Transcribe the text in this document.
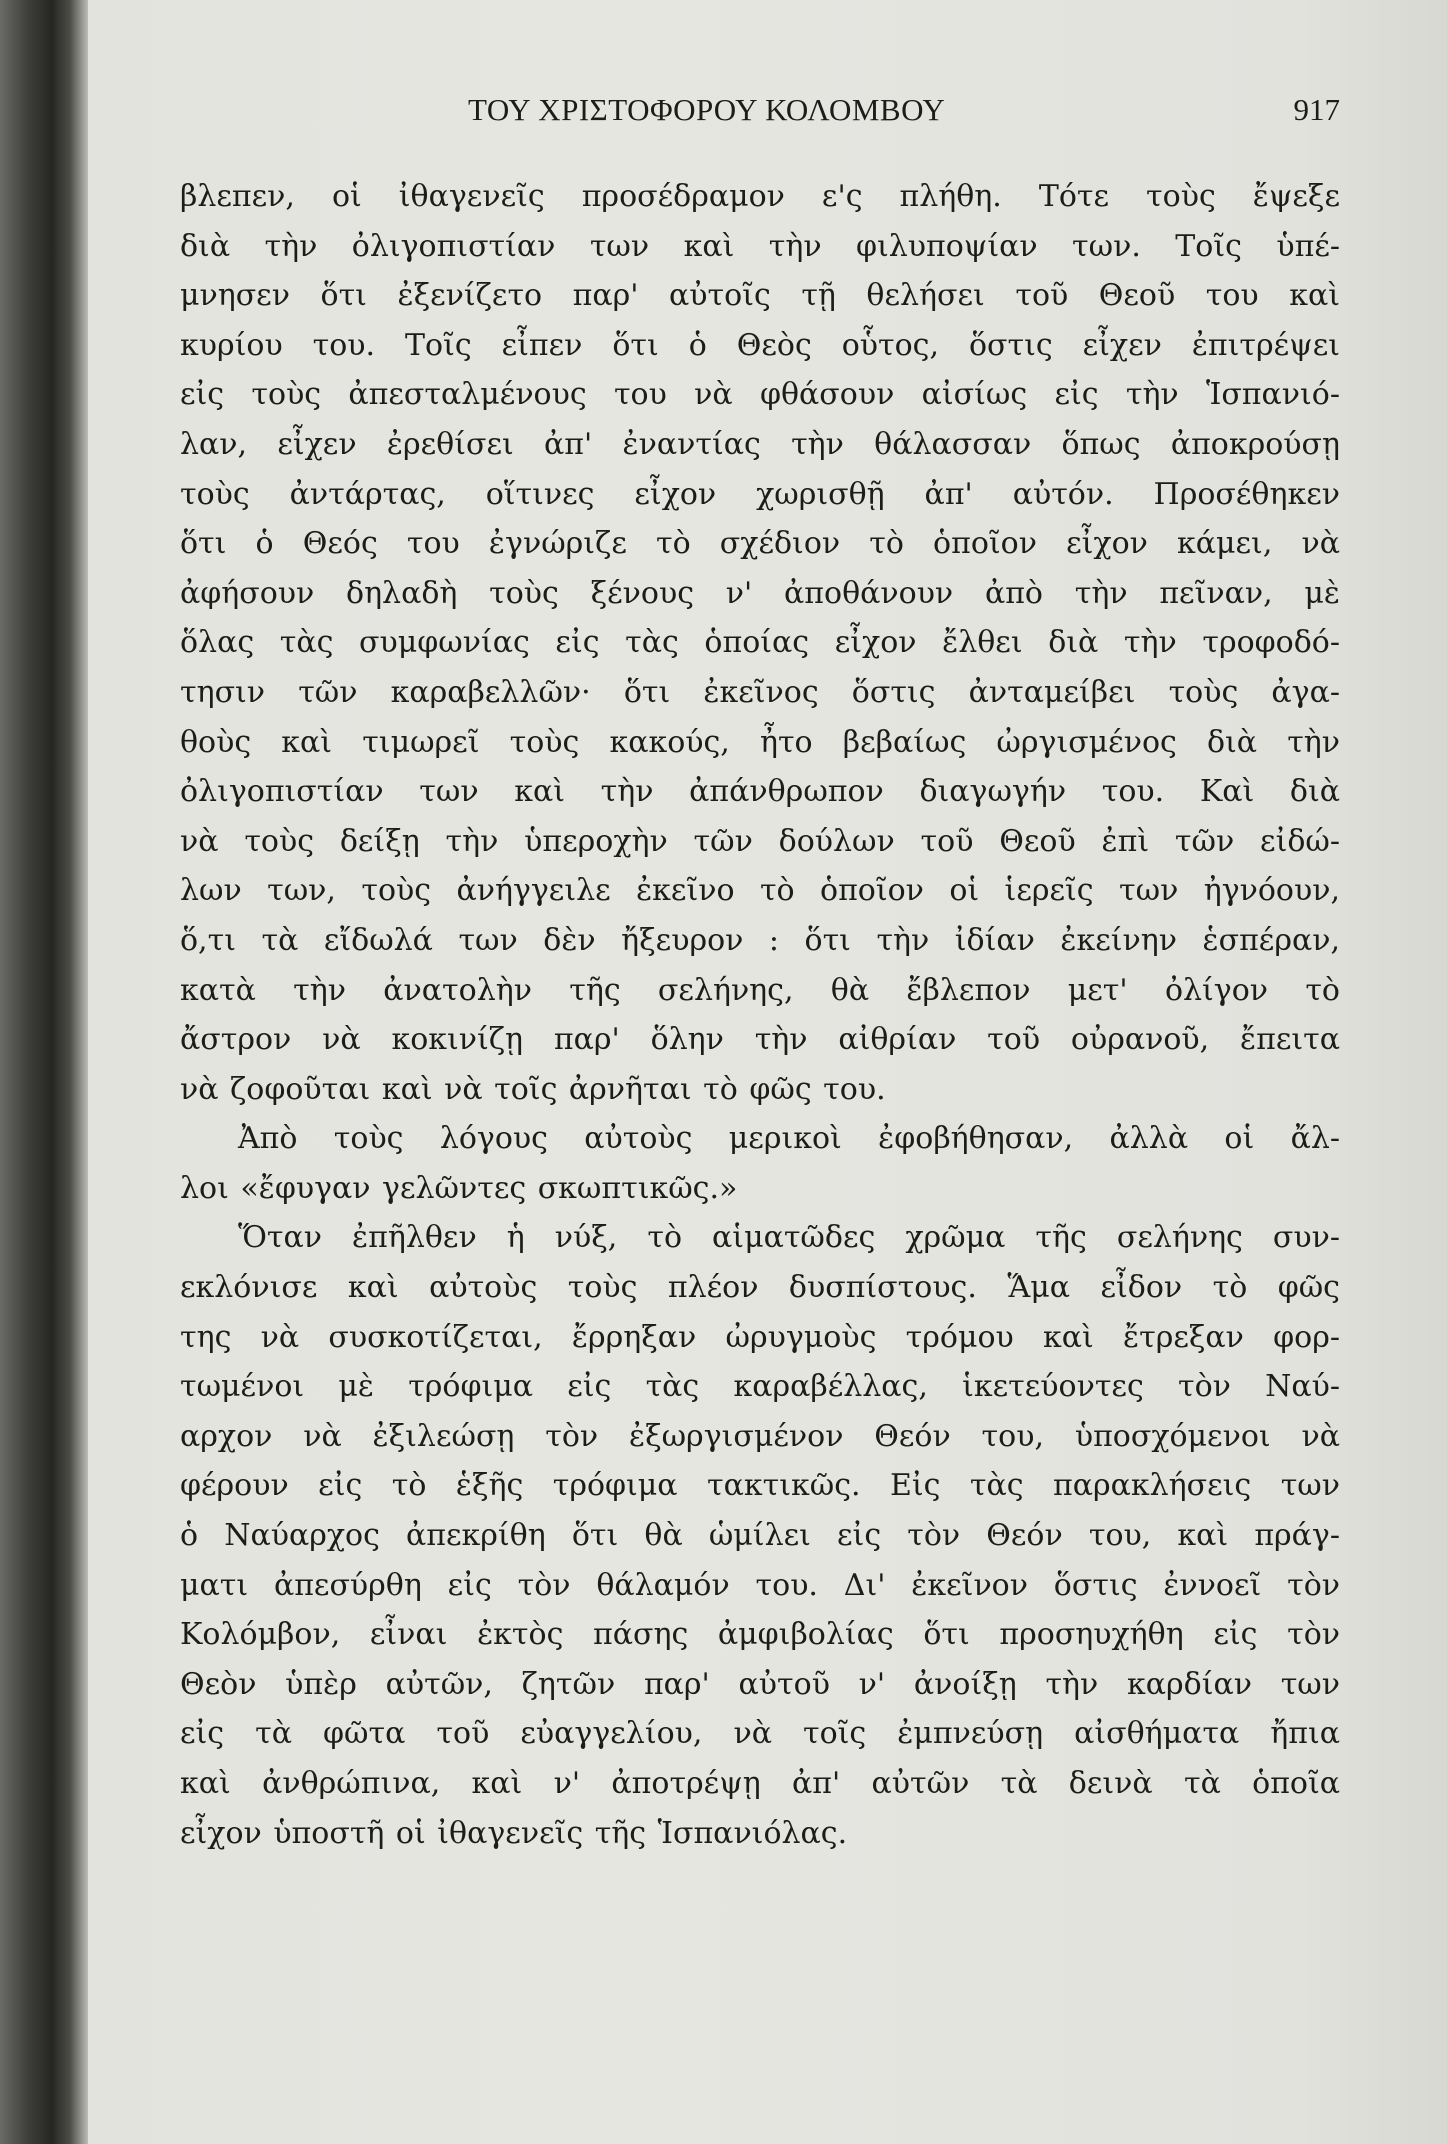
ΤΟΥ ΧΡΙΣΤΟΦΟΡΟΥ ΚΟΛΟΜΒΟΥ	917
βλεπεν, οἱ ἰθαγενεῖς προσέδραμον ε'ς πλήθη. Τότε τοὺς ἔψεξε
διὰ τὴν ὀλιγοπιστίαν των καὶ τὴν φιλυποψίαν των. Τοῖς ὑπέ-
μνησεν ὅτι ἐξενίζετο παρ' αὐτοῖς τῇ θελήσει τοῦ Θεοῦ του καὶ
κυρίου του. Τοῖς εἶπεν ὅτι ὁ Θεὸς οὗτος, ὅστις εἶχεν ἐπιτρέψει
εἰς τοὺς ἀπεσταλμένους του νὰ φθάσουν αἰσίως εἰς τὴν Ἱσπανιό-
λαν, εἶχεν ἐρεθίσει ἀπ' ἐναντίας τὴν θάλασσαν ὅπως ἀποκρούσῃ
τοὺς ἀντάρτας, οἵτινες εἶχον χωρισθῇ ἀπ' αὐτόν. Προσέθηκεν
ὅτι ὁ Θεός του ἐγνώριζε τὸ σχέδιον τὸ ὁποῖον εἶχον κάμει, νὰ
ἀφήσουν δηλαδὴ τοὺς ξένους ν' ἀποθάνουν ἀπὸ τὴν πεῖναν, μὲ
ὅλας τὰς συμφωνίας εἰς τὰς ὁποίας εἶχον ἔλθει διὰ τὴν τροφοδό-
τησιν τῶν καραβελλῶν· ὅτι ἐκεῖνος ὅστις ἀνταμείβει τοὺς ἀγα-
θοὺς καὶ τιμωρεῖ τοὺς κακούς, ἦτο βεβαίως ὠργισμένος διὰ τὴν
ὀλιγοπιστίαν των καὶ τὴν ἀπάνθρωπον διαγωγήν του. Καὶ διὰ
νὰ τοὺς δείξῃ τὴν ὑπεροχὴν τῶν δούλων τοῦ Θεοῦ ἐπὶ τῶν εἰδώ-
λων των, τοὺς ἀνήγγειλε ἐκεῖνο τὸ ὁποῖον οἱ ἱερεῖς των ἠγνόουν,
ὅ,τι τὰ εἴδωλά των δὲν ἤξευρον : ὅτι τὴν ἰδίαν ἐκείνην ἑσπέραν,
κατὰ τὴν ἀνατολὴν τῆς σελήνης, θὰ ἔβλεπον μετ' ὀλίγον τὸ
ἄστρον νὰ κοκινίζῃ παρ' ὅλην τὴν αἰθρίαν τοῦ οὐρανοῦ, ἔπειτα
νὰ ζοφοῦται καὶ νὰ τοῖς ἀρνῆται τὸ φῶς του.
Ἀπὸ τοὺς λόγους αὐτοὺς μερικοὶ ἐφοβήθησαν, ἀλλὰ οἱ ἄλ-
λοι «ἔφυγαν γελῶντες σκωπτικῶς.»
Ὅταν ἐπῆλθεν ἡ νύξ, τὸ αἱματῶδες χρῶμα τῆς σελήνης συν-
εκλόνισε καὶ αὐτοὺς τοὺς πλέον δυσπίστους. Ἅμα εἶδον τὸ φῶς
της νὰ συσκοτίζεται, ἔρρηξαν ὠρυγμοὺς τρόμου καὶ ἔτρεξαν φορ-
τωμένοι μὲ τρόφιμα εἰς τὰς καραβέλλας, ἱκετεύοντες τὸν Ναύ-
αρχον νὰ ἐξιλεώσῃ τὸν ἐξωργισμένον Θεόν του, ὑποσχόμενοι νὰ
φέρουν εἰς τὸ ἑξῆς τρόφιμα τακτικῶς. Εἰς τὰς παρακλήσεις των
ὁ Ναύαρχος ἀπεκρίθη ὅτι θὰ ὡμίλει εἰς τὸν Θεόν του, καὶ πράγ-
ματι ἀπεσύρθη εἰς τὸν θάλαμόν του. Δι' ἐκεῖνον ὅστις ἐννοεῖ τὸν
Κολόμβον, εἶναι ἐκτὸς πάσης ἀμφιβολίας ὅτι προσηυχήθη εἰς τὸν
Θεὸν ὑπὲρ αὐτῶν, ζητῶν παρ' αὐτοῦ ν' ἀνοίξῃ τὴν καρδίαν των
εἰς τὰ φῶτα τοῦ εὐαγγελίου, νὰ τοῖς ἐμπνεύσῃ αἰσθήματα ἤπια
καὶ ἀνθρώπινα, καὶ ν' ἀποτρέψῃ ἀπ' αὐτῶν τὰ δεινὰ τὰ ὁποῖα
εἶχον ὑποστῆ οἱ ἰθαγενεῖς τῆς Ἱσπανιόλας.
